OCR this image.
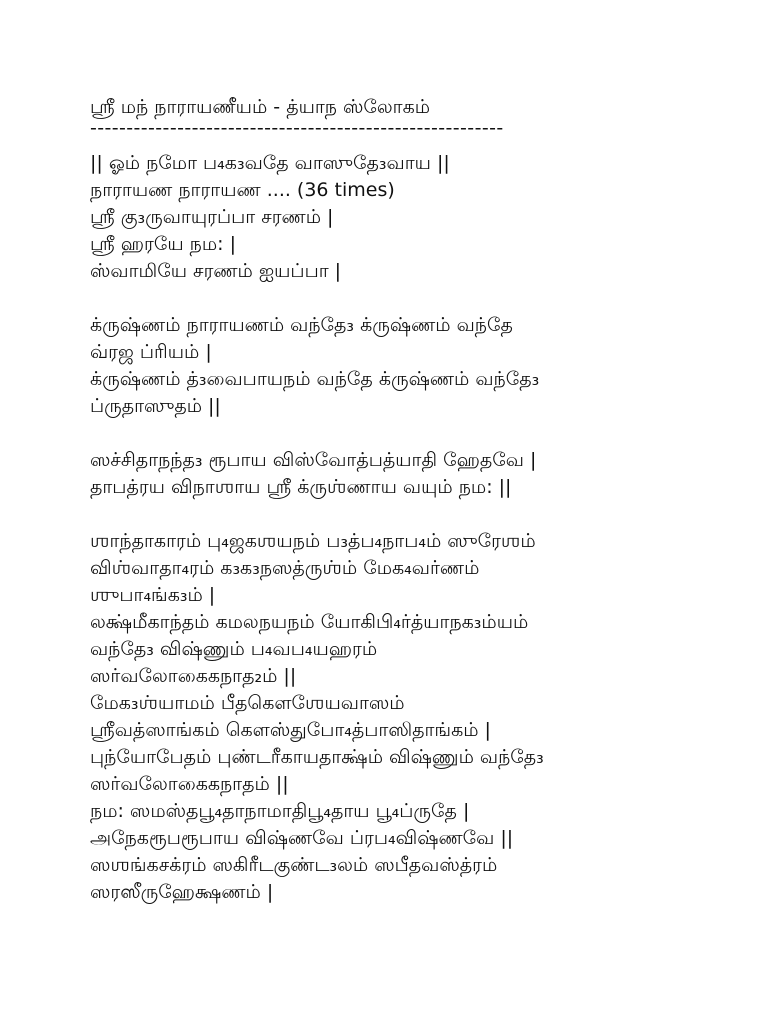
ஸ்ரீ மந் நாராயணீயம் - த்யாந ஸ்லோகம்
---------------------------------------------------------
|| ஓம் நமோ ப₄க₃வதே வாஸுதே₃வாய ||
நாராயண நாராயண .... (36 times)
ஸ்ரீ கு₃ருவாயுரப்பா சரணம் |
ஸ்ரீ ஹரயே நம: |
ஸ்வாமியே சரணம் ஐயப்பா |
க்ருஷ்ணம் நாராயணம் வந்தே₃ க்ருஷ்ணம் வந்தே
வ்ரஜ ப்ரியம் |
க்ருஷ்ணம் த்₃வைபாயநம் வந்தே க்ருஷ்ணம் வந்தே₃
ப்ருதாஸுதம் ||
ஸச்சிதாநந்த₃ ரூபாய விஸ்வோத்பத்யாதி ஹேதவே |
தாபத்ரய விநாஶாய ஸ்ரீ க்ருஶ்ணாய வயும் நம: ||
ஶாந்தாகாரம் பு₄ஜகஶயநம் ப₃த்ப₄நாப₄ம் ஸுரேஶம்
விஶ்வாதா₄ரம் க₃க₃நஸத்ருஶ்ம் மேக₄வர்ணம்
ஶுபா₄ங்க₃ம் |
லக்ஷ்மீகாந்தம் கமலநயநம் யோகிபி₄ர்த்யாநக₃ம்யம்
வந்தே₃ விஷ்ணும் ப₄வப₄யஹரம்
ஸர்வலோகைகநாத₂ம் ||
மேக₃ஶ்யாமம் பீதகௌஶேயவாஸம்
ஸ்ரீவத்ஸாங்கம் கௌஸ்துபோ₄த்பாஸிதாங்கம் |
புந்யோபேதம் புண்டரீகாயதாக்ஷ்ம் விஷ்ணும் வந்தே₃
ஸர்வலோகைகநாதம் ||
நம: ஸமஸ்தபூ₄தாநாமாதிபூ₄தாய பூ₄ப்ருதே |
அநேகரூபரூபாய விஷ்ணவே ப்ரப₄விஷ்ணவே ||
ஸஶங்கசக்ரம் ஸகிரீடகுண்ட₃லம் ஸபீதவஸ்த்ரம்
ஸரஸீருஹேக்ஷணம் |
